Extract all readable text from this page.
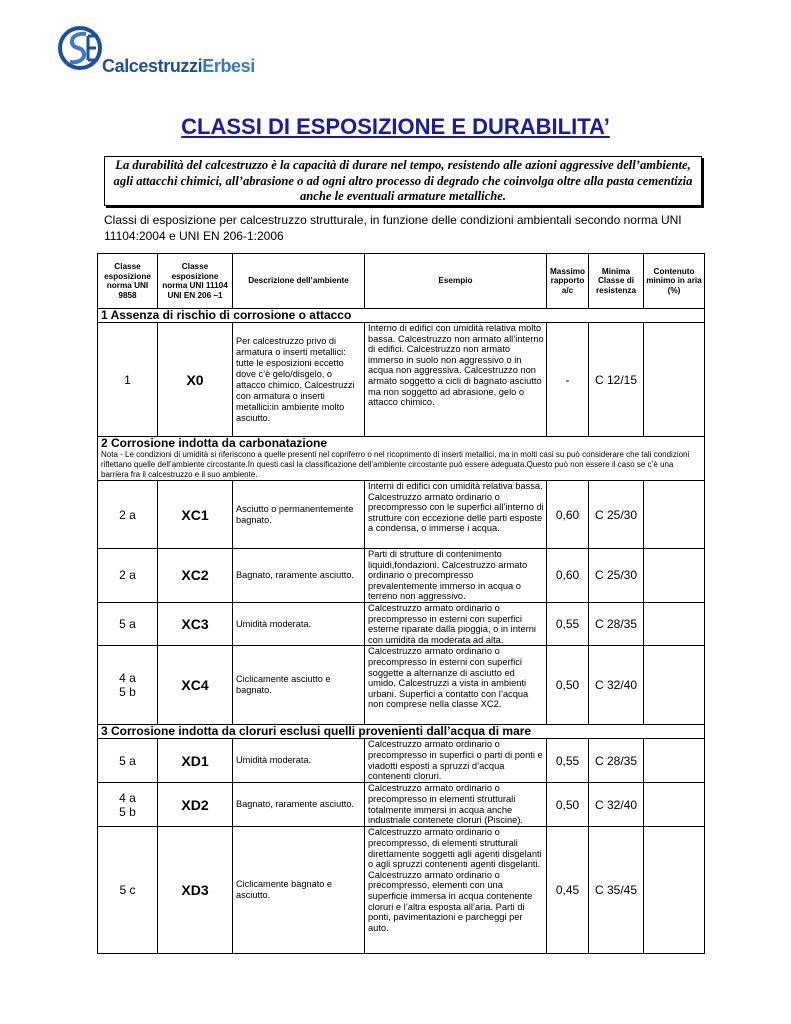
CalcestruzziErbesi
CLASSI DI ESPOSIZIONE E DURABILITA’

La durabilità del calcestruzzo è la capacità di durare nel tempo, resistendo alle azioni aggressive dell’ambiente, agli attacchi chimici, all’abrasione o ad ogni altro processo di degrado che coinvolga oltre alla pasta cementizia anche le eventuali armature metalliche.

Classi di esposizione per calcestruzzo strutturale, in funzione delle condizioni ambientali secondo norma UNI 11104:2004 e UNI EN 206-1:2006

Classe esposizione norma UNI 9858	Classe esposizione norma UNI 11104 UNI EN 206 –1	Descrizione dell’ambiente	Esempio	Massimo rapporto a/c	Minima Classe di resistenza	Contenuto minimo in aria (%)
1 Assenza di rischio di corrosione o attacco						
1	X0	Per calcestruzzo privo di armatura o inserti metallici: tutte le esposizioni eccetto dove c’è gelo/disgelo, o attacco chimico. Calcestruzzi con armatura o inserti metallici:in ambiente molto asciutto.	Interno di edifici con umidità relativa molto bassa. Calcestruzzo non armato all’interno di edifici. Calcestruzzo non armato immerso in suolo non aggressivo o in acqua non aggressiva. Calcestruzzo non armato soggetto a cicli di bagnato asciutto ma non soggetto ad abrasione, gelo o attacco chimico.	-	C 12/15	
2 Corrosione indotta da carbonatazione
Nota - Le condizioni di umidità si riferiscono a quelle presenti nel copriferro o nel ricoprimento di inserti metallici, ma in molti casi su può considerare che tali condizioni riflettano quelle dell’ambiente circostante.In questi casi la classificazione dell’ambiente circostante può essere adeguata.Questo può non essere il caso se c’è una barriera fra il calcestruzzo e il suo ambiente.						

2 a	XC1	Asciutto o permanentemente bagnato.	Interni di edifici con umidità relativa bassa. Calcestruzzo armato ordinario o precompresso con le superfici all’interno di strutture con eccezione delle parti esposte a condensa, o immerse i acqua.	0,60	C 25/30	
2 a	XC2	Bagnato, raramente asciutto.	Parti di strutture di contenimento liquidi,fondazioni. Calcestruzzo armato ordinario o precompresso prevalentemente immerso in acqua o terreno non aggressivo.	0,60	C 25/30	
5 a	XC3	Umidità moderata.	Calcestruzzo armato ordinario o precompresso in esterni con superfici esterne riparate dalla pioggia, o in interni con umidità da moderata ad alta.	0,55	C 28/35	
4 a
5 b	XC4	Ciclicamente asciutto e bagnato.	Calcestruzzo armato ordinario o precompresso in esterni con superfici soggette a alternanze di asciutto ed umido. Calcestruzzi a vista in ambienti urbani. Superfici a contatto con l’acqua non comprese nella classe XC2.	0,50	C 32/40	
3 Corrosione indotta da cloruri esclusi quelli provenienti dall’acqua di mare						
5 a	XD1	Umidità moderata.	Calcestruzzo armato ordinario o precompresso in superfici o parti di ponti e viadotti esposti a spruzzi d’acqua contenenti cloruri.	0,55	C 28/35	
4 a
5 b	XD2	Bagnato, raramente asciutto.	Calcestruzzo armato ordinario o precompresso in elementi strutturali totalmente immersi in acqua anche industriale contenete cloruri (Piscine).	0,50	C 32/40	
5 c	XD3	Ciclicamente bagnato e asciutto.	Calcestruzzo armato ordinario o precompresso, di elementi strutturali direttamente soggetti agli agenti disgelanti o agli spruzzi contenenti agenti disgelanti. Calcestruzzo armato ordinario o precompresso, elementi con una superficie immersa in acqua contenente cloruri e l’altra esposta all’aria. Parti di ponti, pavimentazioni e parcheggi per auto.	0,45	C 35/45	
